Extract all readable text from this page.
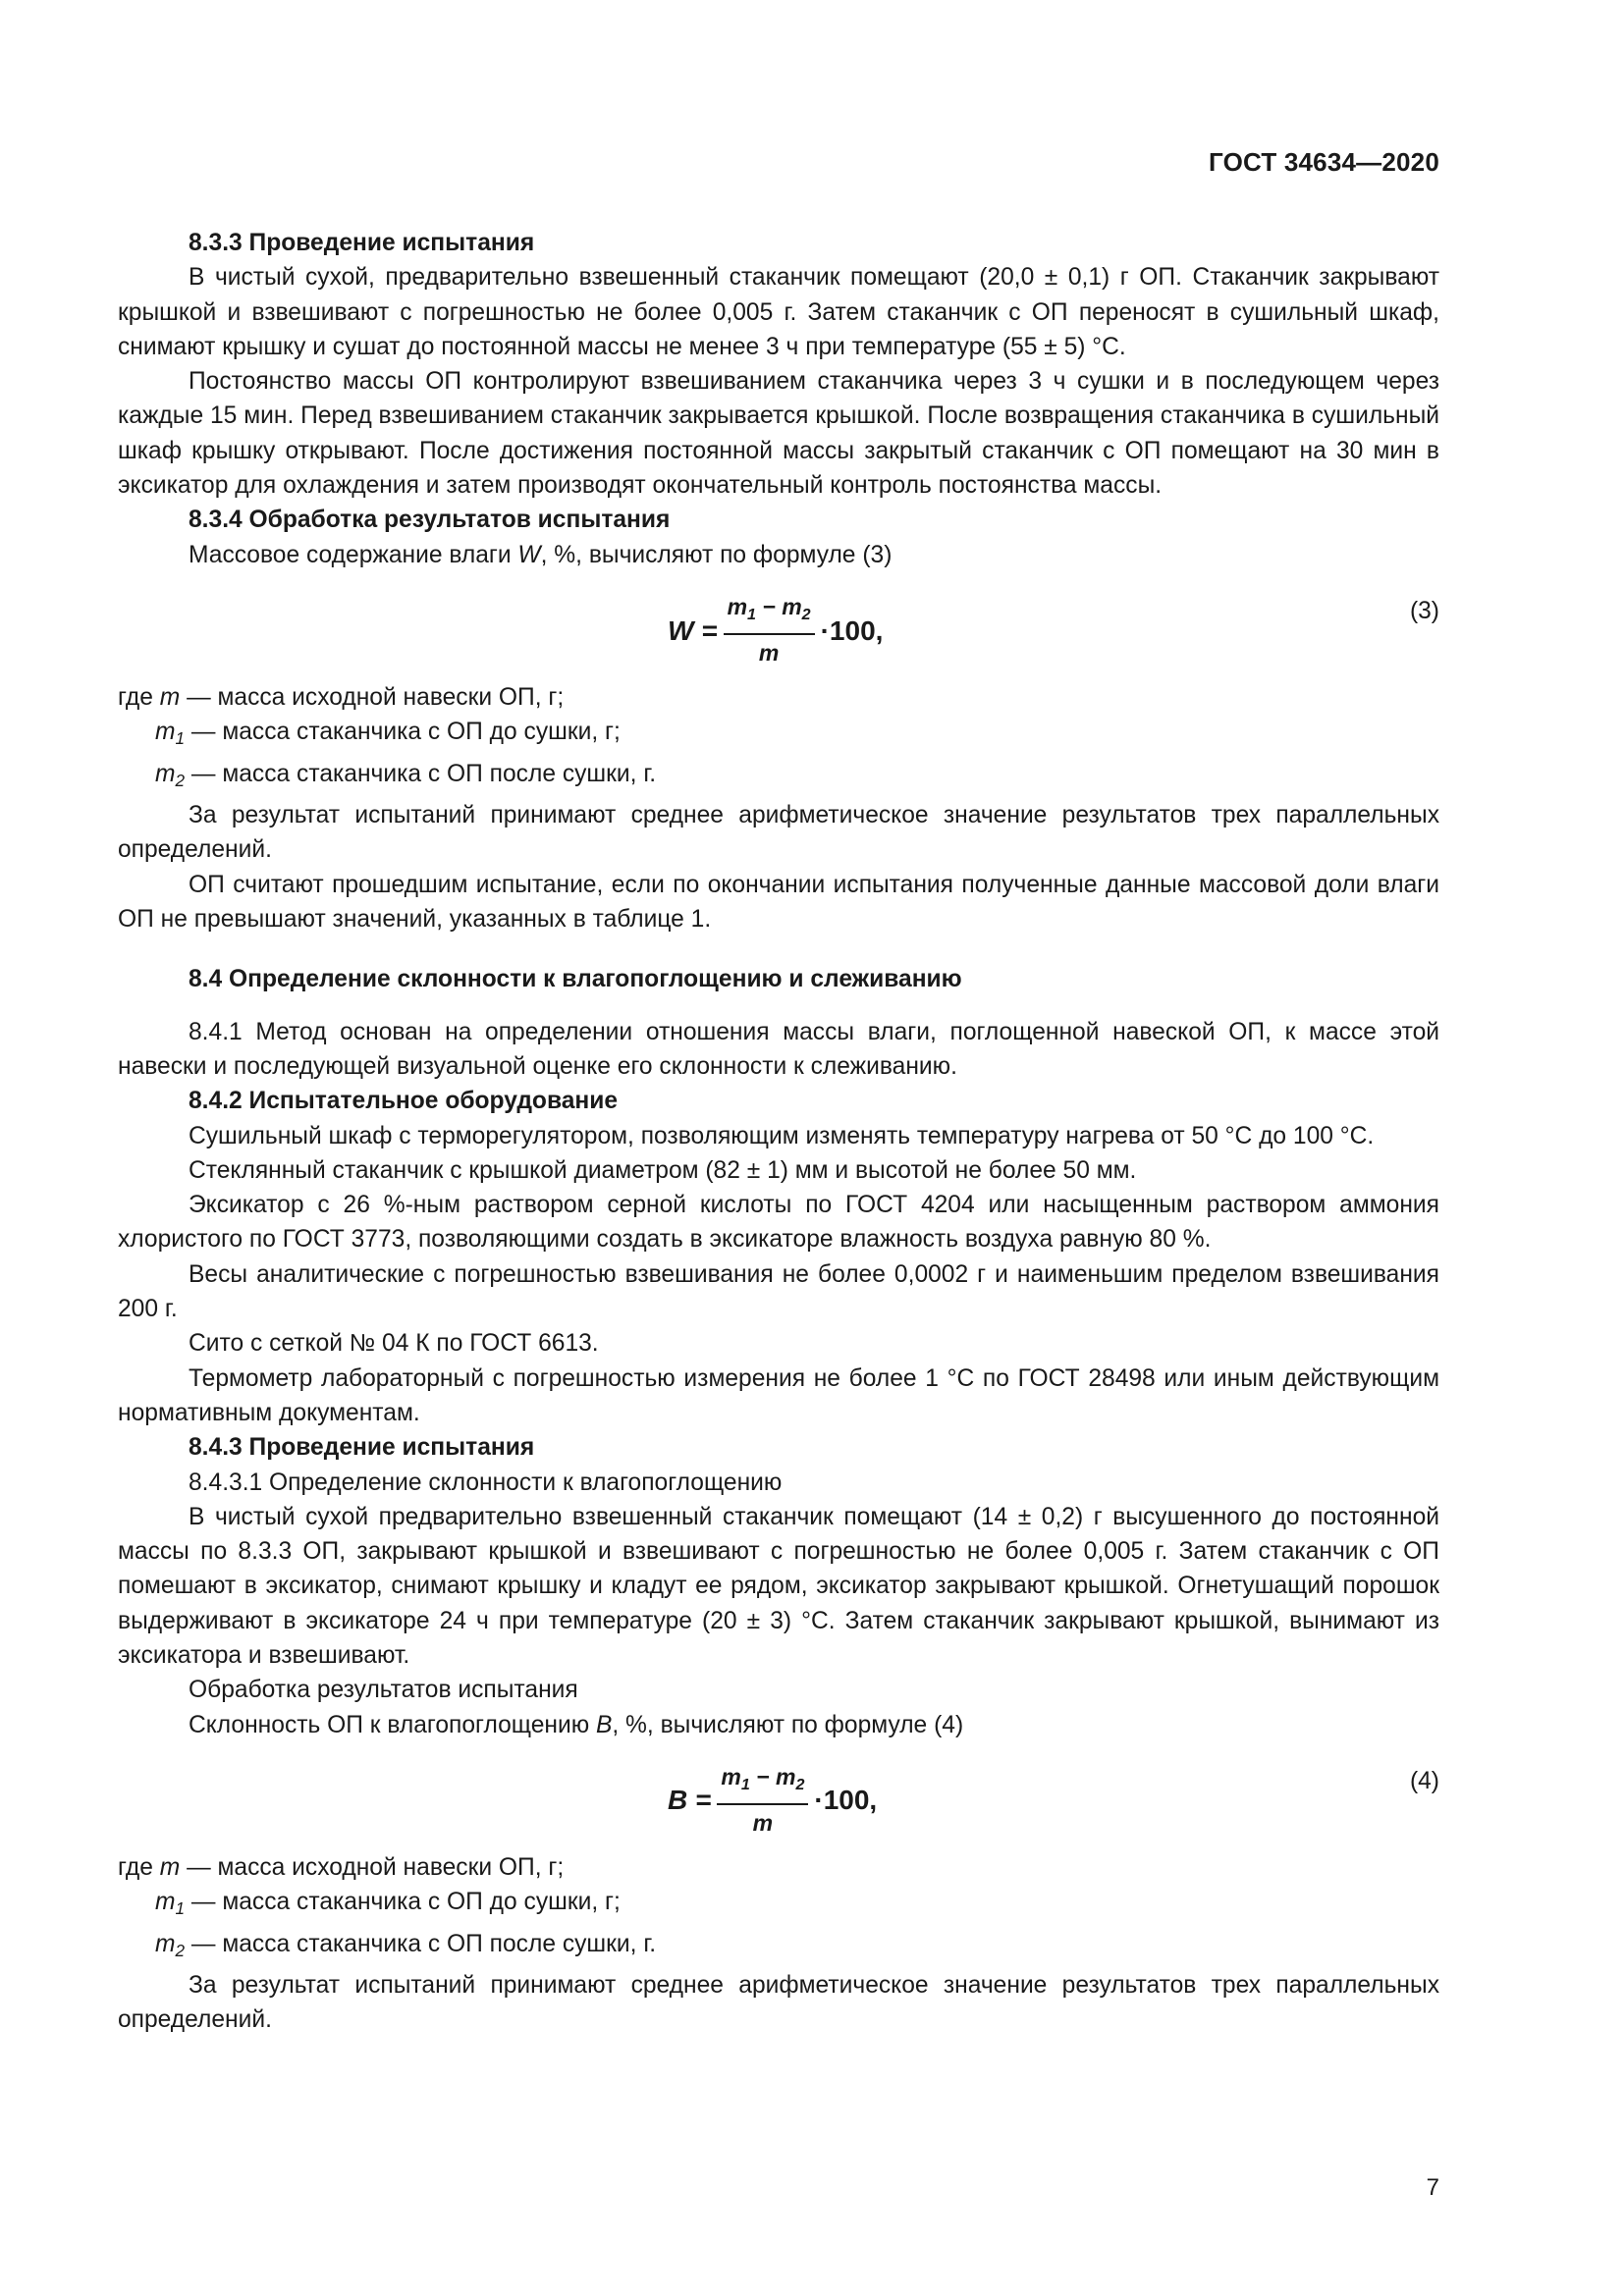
ГОСТ 34634—2020

8.3.3 Проведение испытания

В чистый сухой, предварительно взвешенный стаканчик помещают (20,0 ± 0,1) г ОП. Стаканчик закрывают крышкой и взвешивают с погрешностью не более 0,005 г. Затем стаканчик с ОП переносят в сушильный шкаф, снимают крышку и сушат до постоянной массы не менее 3 ч при температуре (55 ± 5) °С.

Постоянство массы ОП контролируют взвешиванием стаканчика через 3 ч сушки и в последующем через каждые 15 мин. Перед взвешиванием стаканчик закрывается крышкой. После возвращения стаканчика в сушильный шкаф крышку открывают. После достижения постоянной массы закрытый стаканчик с ОП помещают на 30 мин в эксикатор для охлаждения и затем производят окончательный контроль постоянства массы.

8.3.4 Обработка результатов испытания

Массовое содержание влаги W, %, вычисляют по формуле (3)

$W = \frac{m_1 - m_2}{m} \cdot 100$,
(3)

где m — масса исходной навески ОП, г;

$m_1$ — масса стаканчика с ОП до сушки, г;

$m_2$ — масса стаканчика с ОП после сушки, г.

За результат испытаний принимают среднее арифметическое значение результатов трех параллельных определений.

ОП считают прошедшим испытание, если по окончании испытания полученные данные массовой доли влаги ОП не превышают значений, указанных в таблице 1.

8.4 Определение склонности к влагопоглощению и слеживанию

8.4.1 Метод основан на определении отношения массы влаги, поглощенной навеской ОП, к массе этой навески и последующей визуальной оценке его склонности к слеживанию.

8.4.2 Испытательное оборудование

Сушильный шкаф с терморегулятором, позволяющим изменять температуру нагрева от 50 °С до 100 °С.

Стеклянный стаканчик с крышкой диаметром (82 ± 1) мм и высотой не более 50 мм.

Эксикатор с 26 %-ным раствором серной кислоты по ГОСТ 4204 или насыщенным раствором аммония хлористого по ГОСТ 3773, позволяющими создать в эксикаторе влажность воздуха равную 80 %.

Весы аналитические с погрешностью взвешивания не более 0,0002 г и наименьшим пределом взвешивания 200 г.

Сито с сеткой № 04 К по ГОСТ 6613.

Термометр лабораторный с погрешностью измерения не более 1 °С по ГОСТ 28498 или иным действующим нормативным документам.

8.4.3 Проведение испытания

8.4.3.1 Определение склонности к влагопоглощению

В чистый сухой предварительно взвешенный стаканчик помещают (14 ± 0,2) г высушенного до постоянной массы по 8.3.3 ОП, закрывают крышкой и взвешивают с погрешностью не более 0,005 г. Затем стаканчик с ОП помешают в эксикатор, снимают крышку и кладут ее рядом, эксикатор закрывают крышкой. Огнетушащий порошок выдерживают в эксикаторе 24 ч при температуре (20 ± 3) °С. Затем стаканчик закрывают крышкой, вынимают из эксикатора и взвешивают.

Обработка результатов испытания

Склонность ОП к влагопоглощению В, %, вычисляют по формуле (4)

$B = \frac{m_1 - m_2}{m} \cdot 100$,
(4)

где m — масса исходной навески ОП, г;

$m_1$ — масса стаканчика с ОП до сушки, г;

$m_2$ — масса стаканчика с ОП после сушки, г.

За результат испытаний принимают среднее арифметическое значение результатов трех параллельных определений.

7
